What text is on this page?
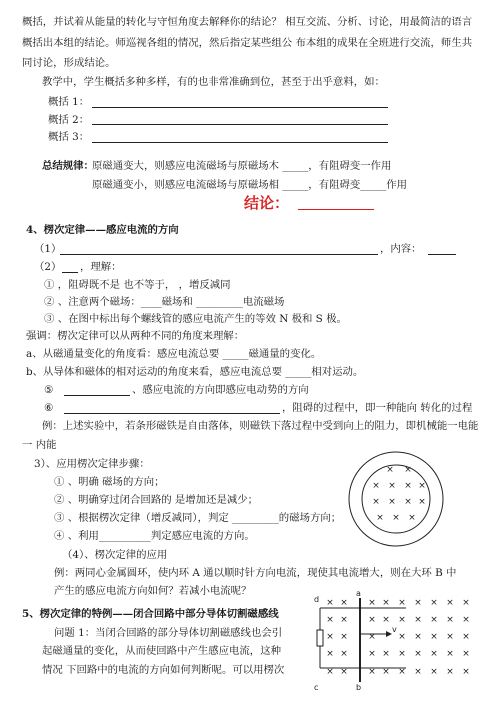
概括，并试着从能量的转化与守恒角度去解释你的结论？ 相互交流、分析、讨论，用最简洁的语言
概括出本组的结论。师巡视各组的情况，然后指定某些组公 布本组的成果在全班进行交流，师生共
同讨论，形成结论。
教学中，学生概括多种多样，有的也非常准确到位，甚至于出乎意料，如：
概括 1：
概括 2：
概括 3：
总结规律：
原磁通变大，则感应电流磁场与原磁场木 _____，有阻碍变一作用
原磁通变小，则感应电流磁场与原磁场相 _____，有阻碍变_____作用
结论：
4、楞次定律——感应电流的方向
（1）	，内容：
（2） ，理解：
① ，阻碍既不是 也不等于， ，增反减同
② 、注意两个磁场：____磁场和 _________电流磁场
③ 、在图中标出每个螺线管的感应电流产生的等效 N 极和 S 极。
强调：楞次定律可以从两种不同的角度来理解：
a、从磁通量变化的角度看：感应电流总要 _____磁通量的变化。
b、从导体和磁体的相对运动的角度来看，感应电流总要 _____相对运动。
⑤	、感应电流的方向即感应电动势的方向
⑥	，阻碍的过程中，即一种能向 转化的过程
例：上述实验中，若条形磁铁是自由落体，则磁铁下落过程中受到向上的阻力，即机械能一电能
一 内能
3）、应用楞次定律步骤：
① 、明确 磁场的方向；
② 、明确穿过闭合回路的 是增加还是减少；
③ 、根据楞次定律（增反减同），判定 _________的磁场方向；
④ 、利用__________判定感应电流的方向。
（4）、楞次定律的应用
例：两同心金属圆环，使内环 A 通以顺时针方向电流，现使其电流增大，则在大环 B 中
产生的感应电流方向如何？若减小电流呢？
× ×
× × × ×
× × × ×
× × ×
5、楞次定律的特例——闭合回路中部分导体切割磁感线
问题 1：当闭合回路的部分导体切割磁感线也会引
起磁通量的变化，从而使回路中产生感应电流，这种
情况 下回路中的电流的方向如何判断呢。可以用楞次
d
a
c	b
v
× × × × × × × × ×
× × × × × × × × ×
× × × × × × × ×
× × × × × × × × ×
× × × × × × × × ×
